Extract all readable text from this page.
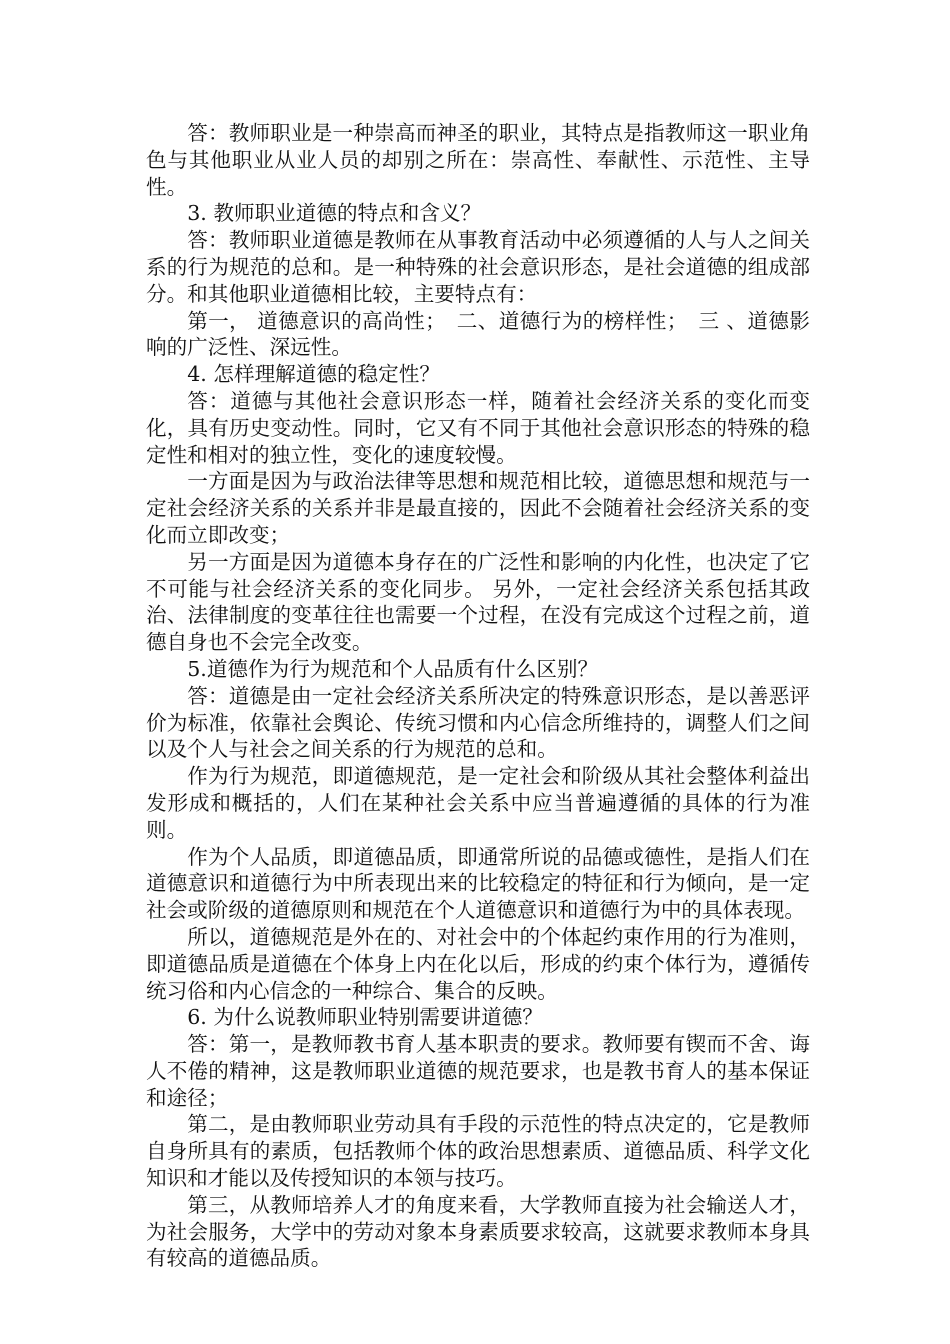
答：教师职业是一种崇高而神圣的职业，其特点是指教师这一职业角色与其他职业从业人员的却别之所在：崇高性、奉献性、示范性、主导性。

3. 教师职业道德的特点和含义？

答：教师职业道德是教师在从事教育活动中必须遵循的人与人之间关系的行为规范的总和。是一种特殊的社会意识形态，是社会道德的组成部分。和其他职业道德相比较，主要特点有：

第一， 道德意识的高尚性；　二、道德行为的榜样性；　三 、道德影响的广泛性、深远性。

4. 怎样理解道德的稳定性？

答：道德与其他社会意识形态一样，随着社会经济关系的变化而变化，具有历史变动性。同时，它又有不同于其他社会意识形态的特殊的稳定性和相对的独立性，变化的速度较慢。

一方面是因为与政治法律等思想和规范相比较，道德思想和规范与一定社会经济关系的关系并非是最直接的，因此不会随着社会经济关系的变化而立即改变；

另一方面是因为道德本身存在的广泛性和影响的内化性，也决定了它不可能与社会经济关系的变化同步。 另外，一定社会经济关系包括其政治、法律制度的变革往往也需要一个过程，在没有完成这个过程之前，道德自身也不会完全改变。

5.道德作为行为规范和个人品质有什么区别？

答：道德是由一定社会经济关系所决定的特殊意识形态，是以善恶评价为标准，依靠社会舆论、传统习惯和内心信念所维持的，调整人们之间以及个人与社会之间关系的行为规范的总和。

作为行为规范，即道德规范，是一定社会和阶级从其社会整体利益出发形成和概括的，人们在某种社会关系中应当普遍遵循的具体的行为准则。

作为个人品质，即道德品质，即通常所说的品德或德性，是指人们在道德意识和道德行为中所表现出来的比较稳定的特征和行为倾向，是一定社会或阶级的道德原则和规范在个人道德意识和道德行为中的具体表现。

所以，道德规范是外在的、对社会中的个体起约束作用的行为准则，即道德品质是道德在个体身上内在化以后，形成的约束个体行为，遵循传统习俗和内心信念的一种综合、集合的反映。

6. 为什么说教师职业特别需要讲道德？

答：第一，是教师教书育人基本职责的要求。教师要有锲而不舍、诲人不倦的精神，这是教师职业道德的规范要求，也是教书育人的基本保证和途径；

第二，是由教师职业劳动具有手段的示范性的特点决定的，它是教师自身所具有的素质，包括教师个体的政治思想素质、道德品质、科学文化知识和才能以及传授知识的本领与技巧。

第三，从教师培养人才的角度来看，大学教师直接为社会输送人才，为社会服务，大学中的劳动对象本身素质要求较高，这就要求教师本身具有较高的道德品质。
